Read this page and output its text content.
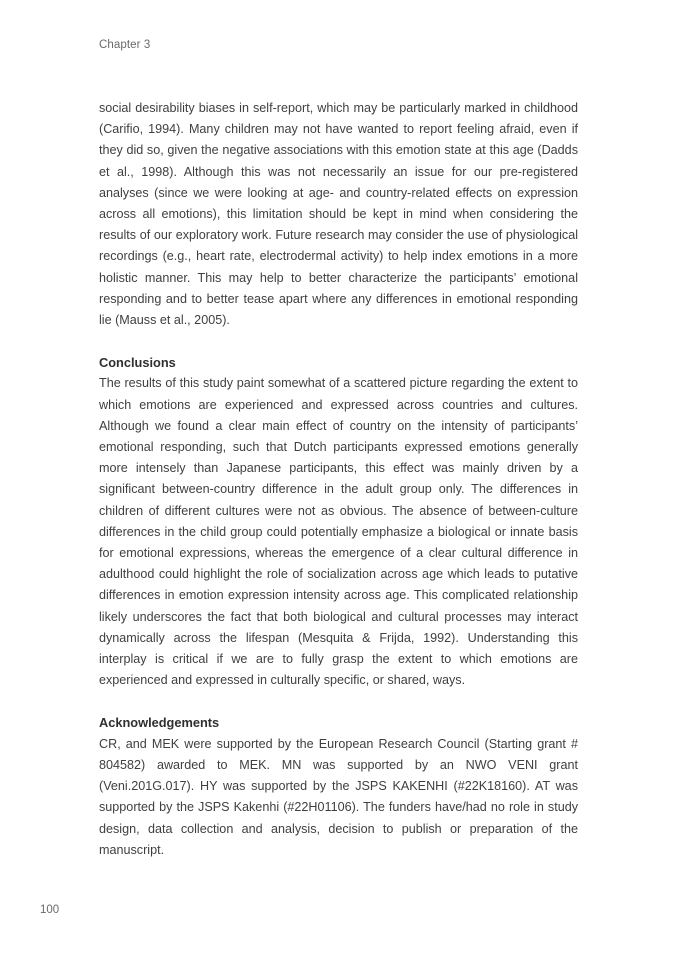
Chapter 3

social desirability biases in self-report, which may be particularly marked in childhood (Carifio, 1994). Many children may not have wanted to report feeling afraid, even if they did so, given the negative associations with this emotion state at this age (Dadds et al., 1998). Although this was not necessarily an issue for our pre-registered analyses (since we were looking at age- and country-related effects on expression across all emotions), this limitation should be kept in mind when considering the results of our exploratory work. Future research may consider the use of physiological recordings (e.g., heart rate, electrodermal activity) to help index emotions in a more holistic manner. This may help to better characterize the participants’ emotional responding and to better tease apart where any differences in emotional responding lie (Mauss et al., 2005).

Conclusions

The results of this study paint somewhat of a scattered picture regarding the extent to which emotions are experienced and expressed across countries and cultures. Although we found a clear main effect of country on the intensity of participants’ emotional responding, such that Dutch participants expressed emotions generally more intensely than Japanese participants, this effect was mainly driven by a significant between-country difference in the adult group only. The differences in children of different cultures were not as obvious. The absence of between-culture differences in the child group could potentially emphasize a biological or innate basis for emotional expressions, whereas the emergence of a clear cultural difference in adulthood could highlight the role of socialization across age which leads to putative differences in emotion expression intensity across age. This complicated relationship likely underscores the fact that both biological and cultural processes may interact dynamically across the lifespan (Mesquita & Frijda, 1992). Understanding this interplay is critical if we are to fully grasp the extent to which emotions are experienced and expressed in culturally specific, or shared, ways.

Acknowledgements

CR, and MEK were supported by the European Research Council (Starting grant # 804582) awarded to MEK. MN was supported by an NWO VENI grant (Veni.201G.017). HY was supported by the JSPS KAKENHI (#22K18160). AT was supported by the JSPS Kakenhi (#22H01106). The funders have/had no role in study design, data collection and analysis, decision to publish or preparation of the manuscript.

100
